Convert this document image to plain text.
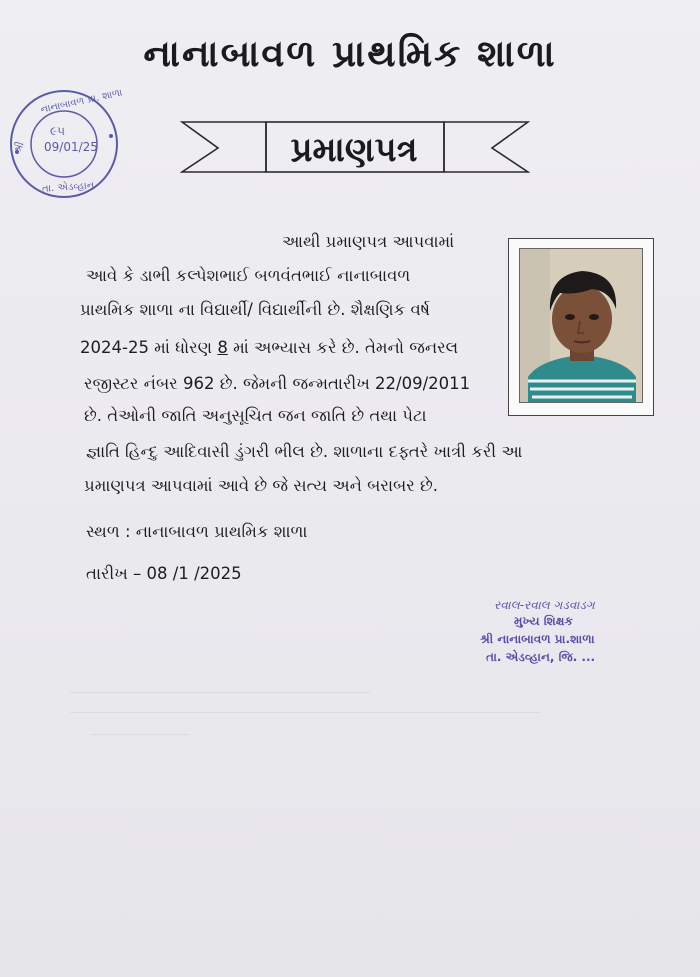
નાનાબાવળ પ્રાથમિક શાળા
પ્રમાણપત્ર
નાનાબાવળ પ્રા. શાળા
શ્રી
તા. એડવ્હાન
૯૫
09/01/25
આથી પ્રમાણપત્ર આપવામાં
આવે કે ડાભી કલ્પેશભાઈ બળવંતભાઈ નાનાબાવળ
પ્રાથમિક શાળા ના વિદ્યાર્થી/ વિદ્યાર્થીની છે. શૈક્ષણિક વર્ષ
2024-25 માં ધોરણ 8 માં અભ્યાસ કરે છે. તેમનો જનરલ
રજીસ્ટર નંબર 962 છે. જેમની જન્મતારીખ 22/09/2011
છે. તેઓની જાતિ અનુસૂચિત જન જાતિ છે તથા પેટા
જ્ઞાતિ હિન્દુ આદિવાસી ડુંગરી ભીલ છે. શાળાના દફ્તરે ખાત્રી કરી આ
પ્રમાણપત્ર આપવામાં આવે છે જે સત્ય અને બરાબર છે.
સ્થળ : નાનાબાવળ પ્રાથમિક શાળા
તારીખ – 08 /1 /2025
રવાલ-રવાલ ગડવાડગ
મુખ્ય શિક્ષક
શ્રી નાનાબાવળ પ્રા.શાળા
તા. એડવ્હાન, જિ. ...
